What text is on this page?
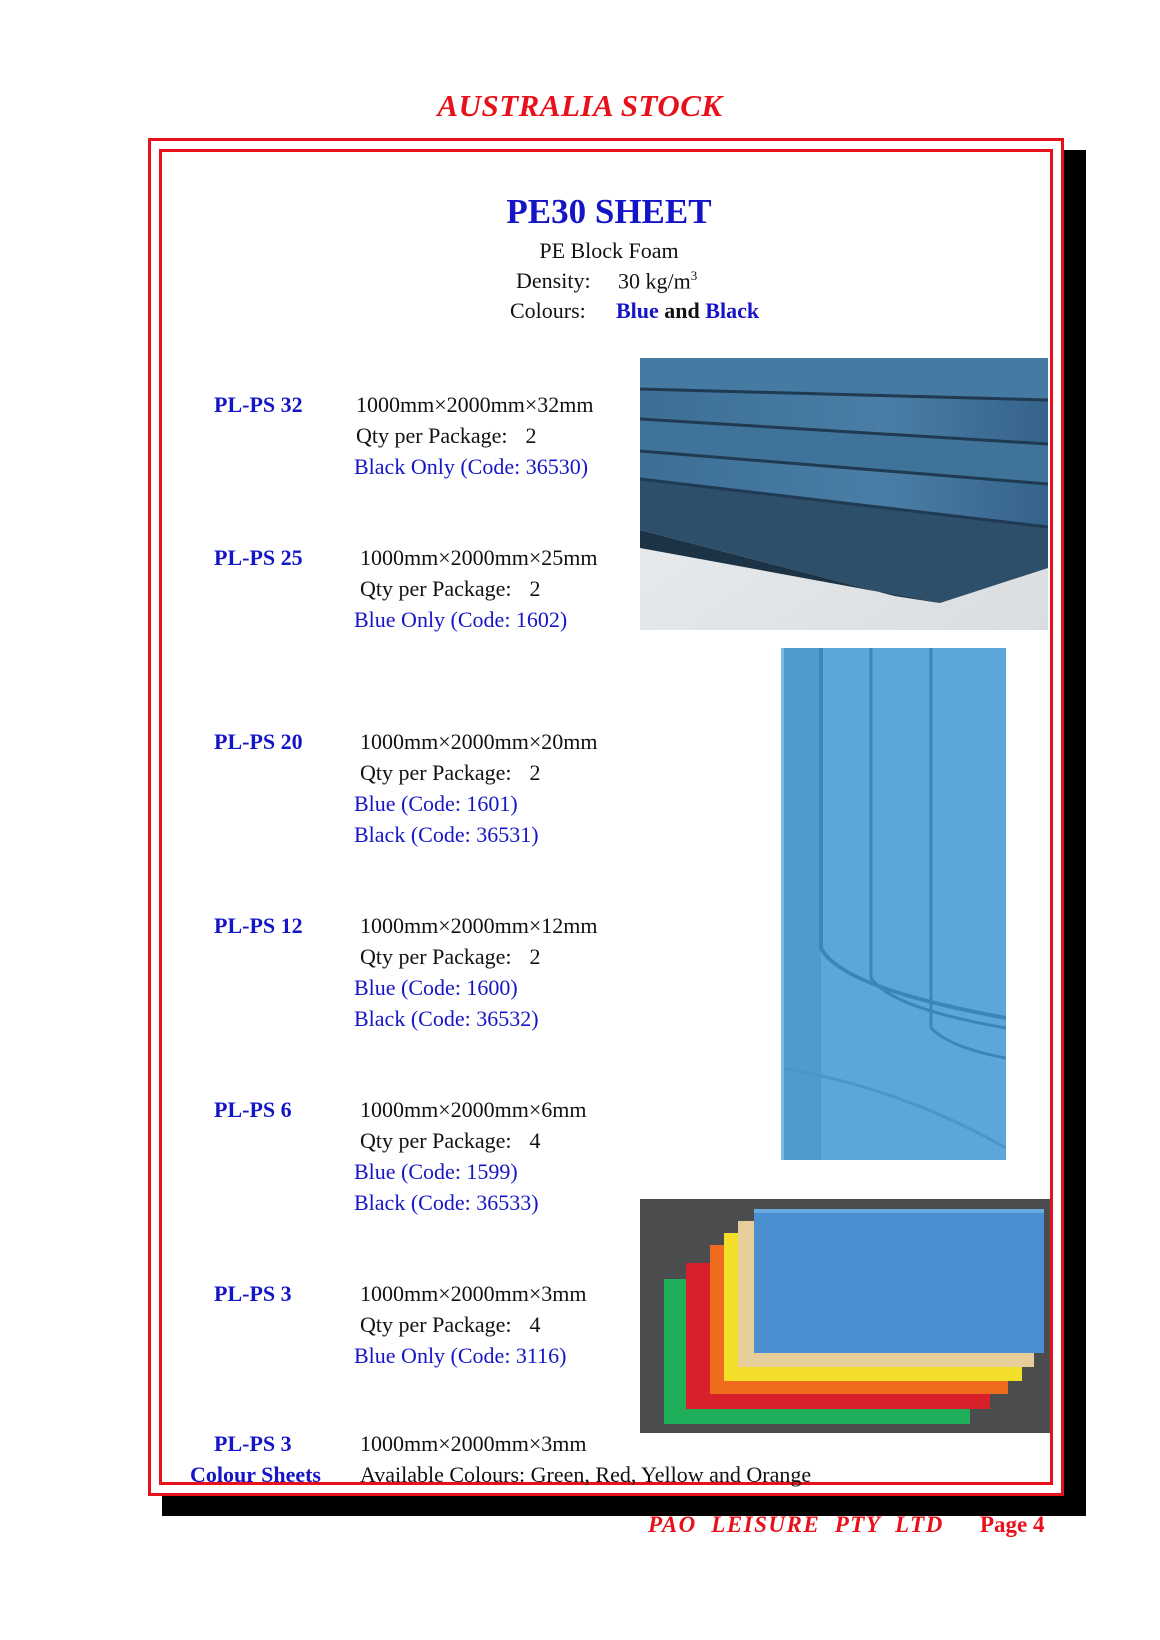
AUSTRALIA STOCK
PE30 SHEET
PE Block Foam
Density: 30 $kg/m^3$
Colours: Blue and Black
PL-PS 32 1000mm×2000mm×32mm
Qty per Package: 2
Black Only (Code: 36530)
PL-PS 25	1000mm×2000mm×25mm
Qty per Package: 2
Blue Only (Code: 1602)
PL-PS 20	1000mm×2000mm×20mm
Qty per Package: 2
Blue (Code: 1601)
Black (Code: 36531)
PL-PS 12	1000mm×2000mm×12mm
Qty per Package: 2
Blue (Code: 1600)
Black (Code: 36532)
PL-PS 6	1000mm×2000mm×6mm
Qty per Package: 4
Blue (Code: 1599)
Black (Code: 36533)
PL-PS 3	1000mm×2000mm×3mm
Qty per Package: 4
Blue Only (Code: 3116)
PL-PS 3	1000mm×2000mm×3mm
Colour Sheets Available Colours: Green, Red, Yellow and Orange
PAO  LEISURE  PTY  LTD Page 4
